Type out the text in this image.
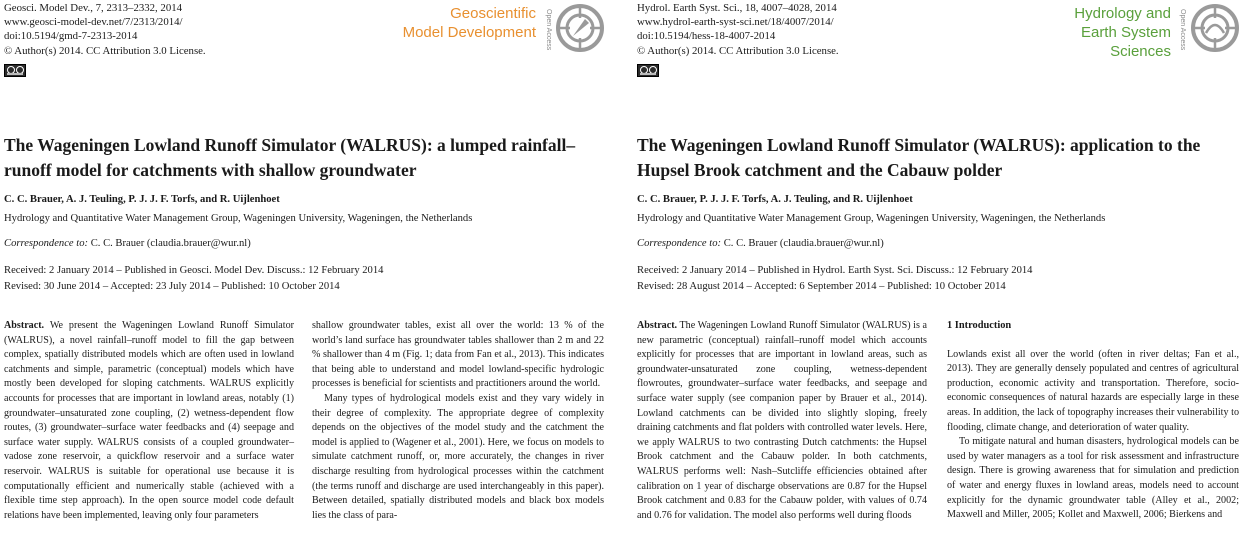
Geosci. Model Dev., 7, 2313–2332, 2014
www.geosci-model-dev.net/7/2313/2014/
doi:10.5194/gmd-7-2313-2014
© Author(s) 2014. CC Attribution 3.0 License.
Geoscientific
Model Development	Open Access
The Wageningen Lowland Runoff Simulator (WALRUS): a lumped rainfall–runoff model for catchments with shallow groundwater
C. C. Brauer, A. J. Teuling, P. J. J. F. Torfs, and R. Uijlenhoet
Hydrology and Quantitative Water Management Group, Wageningen University, Wageningen, the Netherlands
Correspondence to: C. C. Brauer (claudia.brauer@wur.nl)
Received: 2 January 2014 – Published in Geosci. Model Dev. Discuss.: 12 February 2014
Revised: 30 June 2014 – Accepted: 23 July 2014 – Published: 10 October 2014

Abstract. We present the Wageningen Lowland Runoff Simulator (WALRUS), a novel rainfall–runoff model to fill the gap between complex, spatially distributed models which are often used in lowland catchments and simple, parametric (conceptual) models which have mostly been developed for sloping catchments. WALRUS explicitly accounts for processes that are important in lowland areas, notably (1) groundwater–unsaturated zone coupling, (2) wetness-dependent flow routes, (3) groundwater–surface water feedbacks and (4) seepage and surface water supply. WALRUS consists of a coupled groundwater–vadose zone reservoir, a quickflow reservoir and a surface water reservoir. WALRUS is suitable for operational use because it is computationally efficient and numerically stable (achieved with a flexible time step approach). In the open source model code default relations have been implemented, leaving only four parameters

shallow groundwater tables, exist all over the world: 13 % of the world’s land surface has groundwater tables shallower than 2 m and 22 % shallower than 4 m (Fig. 1; data from Fan et al., 2013). This indicates that being able to understand and model lowland-specific hydrologic processes is beneficial for scientists and practitioners around the world.

Many types of hydrological models exist and they vary widely in their degree of complexity. The appropriate degree of complexity depends on the objectives of the model study and the catchment the model is applied to (Wagener et al., 2001). Here, we focus on models to simulate catchment runoff, or, more accurately, the changes in river discharge resulting from hydrological processes within the catchment (the terms runoff and discharge are used interchangeably in this paper). Between detailed, spatially distributed models and black box models lies the class of para-

Hydrol. Earth Syst. Sci., 18, 4007–4028, 2014
www.hydrol-earth-syst-sci.net/18/4007/2014/
doi:10.5194/hess-18-4007-2014
© Author(s) 2014. CC Attribution 3.0 License.
Hydrology and
Earth System
Sciences
Open Access
The Wageningen Lowland Runoff Simulator (WALRUS): application to the Hupsel Brook catchment and the Cabauw polder
C. C. Brauer, P. J. J. F. Torfs, A. J. Teuling, and R. Uijlenhoet
Hydrology and Quantitative Water Management Group, Wageningen University, Wageningen, the Netherlands
Correspondence to: C. C. Brauer (claudia.brauer@wur.nl)
Received: 2 January 2014 – Published in Hydrol. Earth Syst. Sci. Discuss.: 12 February 2014
Revised: 28 August 2014 – Accepted: 6 September 2014 – Published: 10 October 2014

Abstract. The Wageningen Lowland Runoff Simulator (WALRUS) is a new parametric (conceptual) rainfall–runoff model which accounts explicitly for processes that are important in lowland areas, such as groundwater-unsaturated zone coupling, wetness-dependent flowroutes, groundwater–surface water feedbacks, and seepage and surface water supply (see companion paper by Brauer et al., 2014). Lowland catchments can be divided into slightly sloping, freely draining catchments and flat polders with controlled water levels. Here, we apply WALRUS to two contrasting Dutch catchments: the Hupsel Brook catchment and the Cabauw polder. In both catchments, WALRUS performs well: Nash–Sutcliffe efficiencies obtained after calibration on 1 year of discharge observations are 0.87 for the Hupsel Brook catchment and 0.83 for the Cabauw polder, with values of 0.74 and 0.76 for validation. The model also performs well during floods

1 Introduction

Lowlands exist all over the world (often in river deltas; Fan et al., 2013). They are generally densely populated and centres of agricultural production, economic activity and transportation. Therefore, socio-economic consequences of natural hazards are especially large in these areas. In addition, the lack of topography increases their vulnerability to flooding, climate change, and deterioration of water quality.

To mitigate natural and human disasters, hydrological models can be used by water managers as a tool for risk assessment and infrastructure design. There is growing awareness that for simulation and prediction of water and energy fluxes in lowland areas, models need to account explicitly for the dynamic groundwater table (Alley et al., 2002; Maxwell and Miller, 2005; Kollet and Maxwell, 2006; Bierkens and
